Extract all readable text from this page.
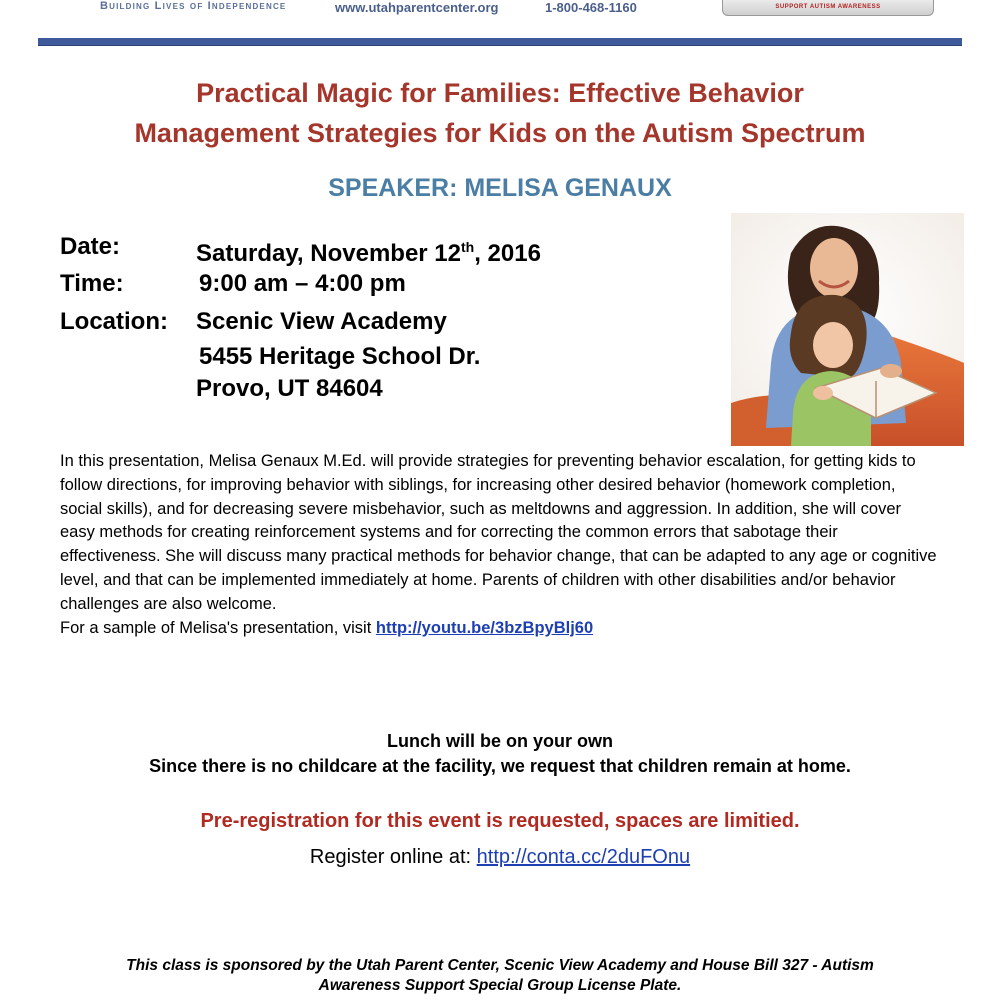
Building Lives of Independence	www.utahparentcenter.org	1-800-468-1160	SUPPORT AUTISM AWARENESS
Practical Magic for Families: Effective Behavior
Management Strategies for Kids on the Autism Spectrum
SPEAKER: MELISA GENAUX
Date:	Saturday, November 12th, 2016
Time:	9:00 am – 4:00 pm
Location: Scenic View Academy
5455 Heritage School Dr.
Provo, UT 84604
In this presentation, Melisa Genaux M.Ed. will provide strategies for preventing behavior escalation, for getting kids to follow directions, for improving behavior with siblings, for increasing other desired behavior (homework completion, social skills), and for decreasing severe misbehavior, such as meltdowns and aggression. In addition, she will cover easy methods for creating reinforcement systems and for correcting the common errors that sabotage their effectiveness. She will discuss many practical methods for behavior change, that can be adapted to any age or cognitive level, and that can be implemented immediately at home. Parents of children with other disabilities and/or behavior challenges are also welcome.
For a sample of Melisa's presentation, visit http://youtu.be/3bzBpyBlj60
Lunch will be on your own
Since there is no childcare at the facility, we request that children remain at home.
Pre-registration for this event is requested, spaces are limitied.
Register online at: http://conta.cc/2duFOnu
This class is sponsored by the Utah Parent Center, Scenic View Academy and House Bill 327 - Autism
Awareness Support Special Group License Plate.
